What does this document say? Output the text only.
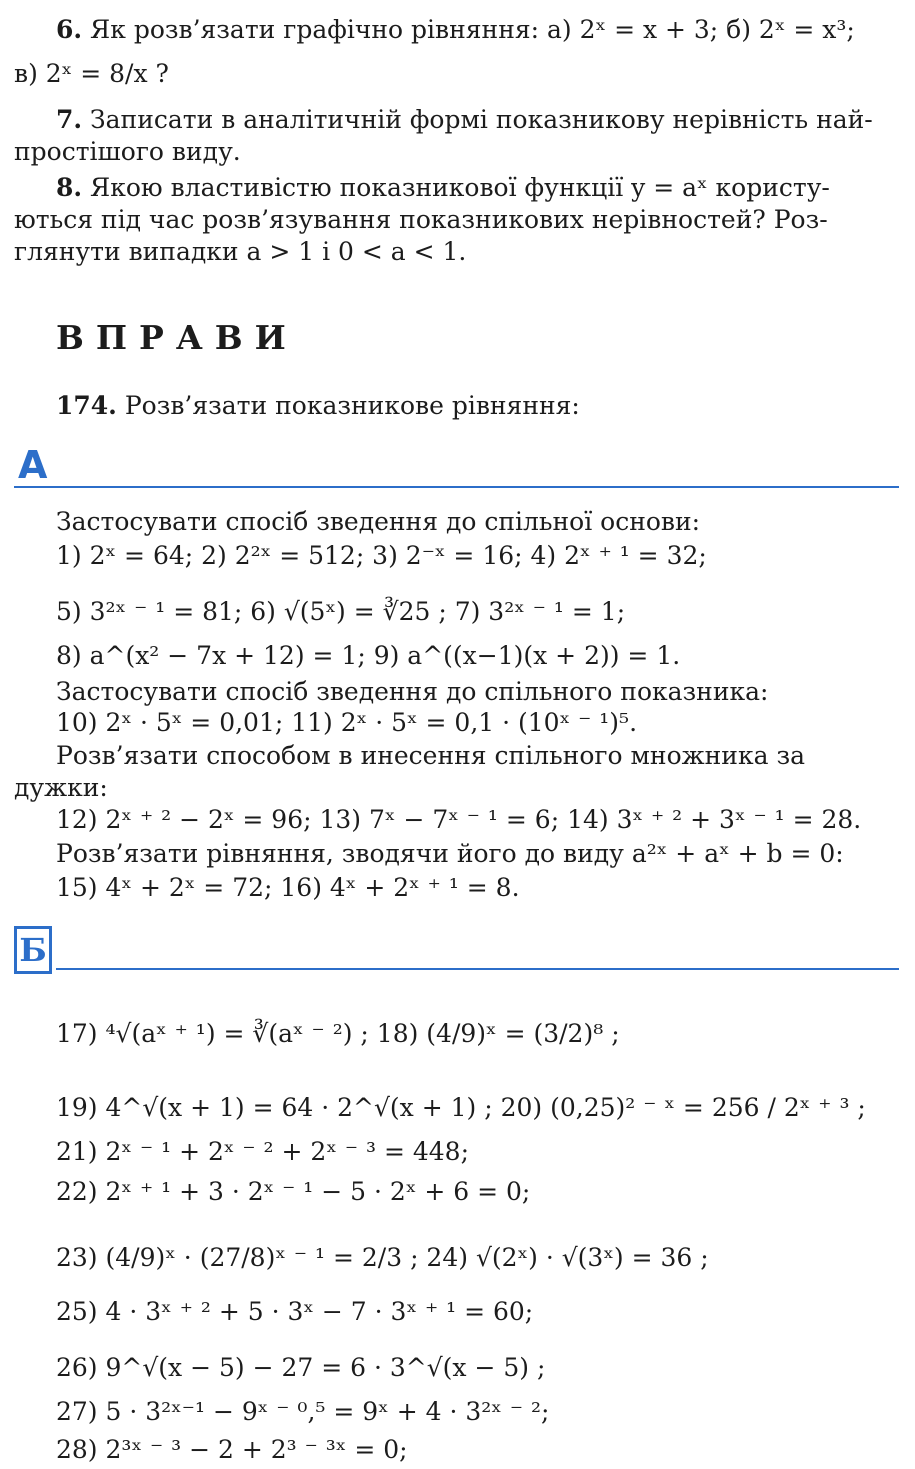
6. Як розв’язати графічно рівняння: а) 2ˣ = x + 3; б) 2ˣ = x³;
в) 2ˣ = 8/x ?
7. Записати в аналітичній формі показникову нерівність най-
простішого виду.
8. Якою властивістю показникової функції y = aˣ користу-
ються під час розв’язування показникових нерівностей? Роз-
глянути випадки a > 1 і 0 < a < 1.
ВПРАВИ
174. Розв’язати показникове рівняння:
А
Застосувати спосіб зведення до спільної основи:
1) 2ˣ = 64; 2) 2²ˣ = 512; 3) 2⁻ˣ = 16; 4) 2ˣ ⁺ ¹ = 32;
5) 3²ˣ ⁻ ¹ = 81; 6) √(5ˣ) = ∛25 ; 7) 3²ˣ ⁻ ¹ = 1;
8) a^(x² − 7x + 12) = 1; 9) a^((x−1)(x + 2)) = 1.
Застосувати спосіб зведення до спільного показника:
10) 2ˣ · 5ˣ = 0,01; 11) 2ˣ · 5ˣ = 0,1 · (10ˣ ⁻ ¹)⁵.
Розв’язати способом в инесення спільного множника за
дужки:
12) 2ˣ ⁺ ² − 2ˣ = 96; 13) 7ˣ − 7ˣ ⁻ ¹ = 6; 14) 3ˣ ⁺ ² + 3ˣ ⁻ ¹ = 28.
Розв’язати рівняння, зводячи його до виду a²ˣ + aˣ + b = 0:
15) 4ˣ + 2ˣ = 72; 16) 4ˣ + 2ˣ ⁺ ¹ = 8.
Б
17) ⁴√(aˣ ⁺ ¹) = ∛(aˣ ⁻ ²) ; 18) (4/9)ˣ = (3/2)⁸ ;
19) 4^√(x + 1) = 64 · 2^√(x + 1) ; 20) (0,25)² ⁻ ˣ = 256 / 2ˣ ⁺ ³ ;
21) 2ˣ ⁻ ¹ + 2ˣ ⁻ ² + 2ˣ ⁻ ³ = 448;
22) 2ˣ ⁺ ¹ + 3 · 2ˣ ⁻ ¹ − 5 · 2ˣ + 6 = 0;
23) (4/9)ˣ · (27/8)ˣ ⁻ ¹ = 2/3 ; 24) √(2ˣ) · √(3ˣ) = 36 ;
25) 4 · 3ˣ ⁺ ² + 5 · 3ˣ − 7 · 3ˣ ⁺ ¹ = 60;
26) 9^√(x − 5) − 27 = 6 · 3^√(x − 5) ;
27) 5 · 3²ˣ⁻¹ − 9ˣ ⁻ ⁰,⁵ = 9ˣ + 4 · 3²ˣ ⁻ ²;
28) 2³ˣ ⁻ ³ − 2 + 2³ ⁻ ³ˣ = 0;
